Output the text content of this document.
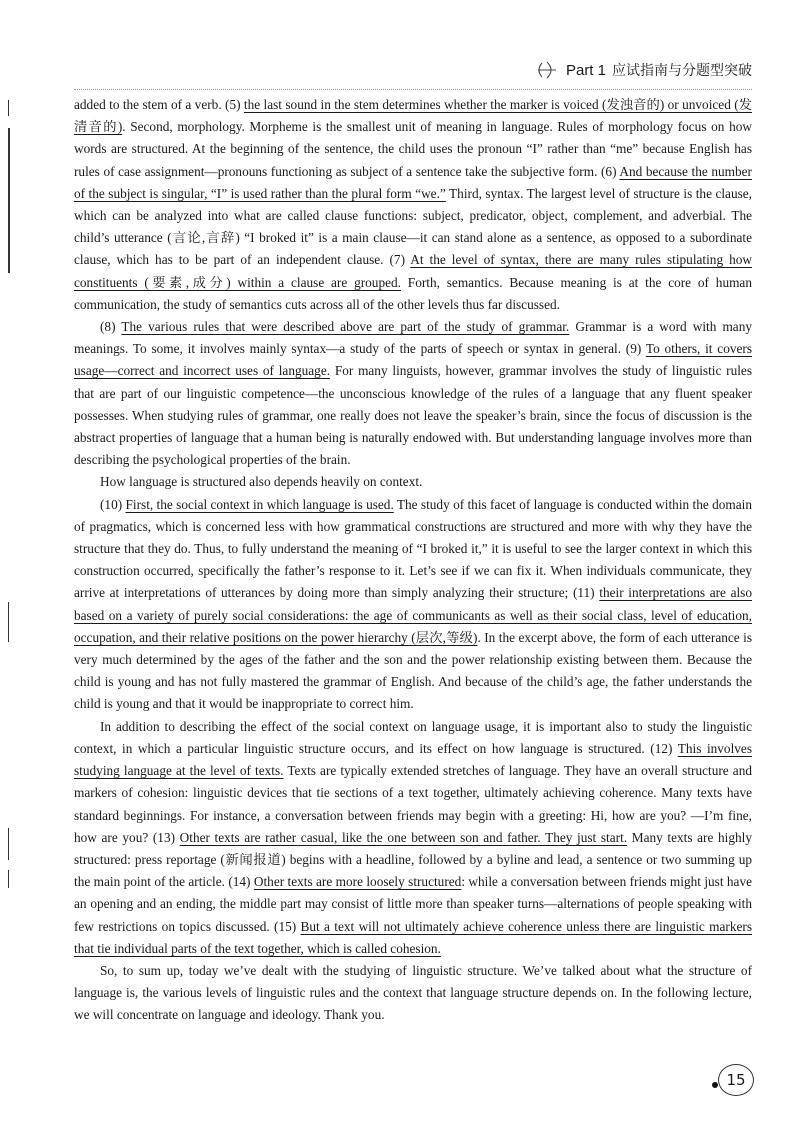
Part 1 应试指南与分题型突破

added to the stem of a verb. (5) the last sound in the stem determines whether the marker is voiced (发浊音的) or unvoiced (发清音的). Second, morphology. Morpheme is the smallest unit of meaning in language. Rules of morphology focus on how words are structured. At the beginning of the sentence, the child uses the pronoun “I” rather than “me” because English has rules of case assignment—pronouns functioning as subject of a sentence take the subjective form. (6) And because the number of the subject is singular, “I” is used rather than the plural form “we.” Third, syntax. The largest level of structure is the clause, which can be analyzed into what are called clause functions: subject, predicator, object, complement, and adverbial. The child’s utterance (言论,言辞) “I broked it” is a main clause—it can stand alone as a sentence, as opposed to a subordinate clause, which has to be part of an independent clause. (7) At the level of syntax, there are many rules stipulating how constituents (要素,成分) within a clause are grouped. Forth, semantics. Because meaning is at the core of human communication, the study of semantics cuts across all of the other levels thus far discussed.

(8) The various rules that were described above are part of the study of grammar. Grammar is a word with many meanings. To some, it involves mainly syntax—a study of the parts of speech or syntax in general. (9) To others, it covers usage—correct and incorrect uses of language. For many linguists, however, grammar involves the study of linguistic rules that are part of our linguistic competence—the unconscious knowledge of the rules of a language that any fluent speaker possesses. When studying rules of grammar, one really does not leave the speaker’s brain, since the focus of discussion is the abstract properties of language that a human being is naturally endowed with. But understanding language involves more than describing the psychological properties of the brain.

How language is structured also depends heavily on context.

(10) First, the social context in which language is used. The study of this facet of language is conducted within the domain of pragmatics, which is concerned less with how grammatical constructions are structured and more with why they have the structure that they do. Thus, to fully understand the meaning of “I broked it,” it is useful to see the larger context in which this construction occurred, specifically the father’s response to it. Let’s see if we can fix it. When individuals communicate, they arrive at interpretations of utterances by doing more than simply analyzing their structure; (11) their interpretations are also based on a variety of purely social considerations: the age of communicants as well as their social class, level of education, occupation, and their relative positions on the power hierarchy (层次,等级). In the excerpt above, the form of each utterance is very much determined by the ages of the father and the son and the power relationship existing between them. Because the child is young and has not fully mastered the grammar of English. And because of the child’s age, the father understands the child is young and that it would be inappropriate to correct him.

In addition to describing the effect of the social context on language usage, it is important also to study the linguistic context, in which a particular linguistic structure occurs, and its effect on how language is structured. (12) This involves studying language at the level of texts. Texts are typically extended stretches of language. They have an overall structure and markers of cohesion: linguistic devices that tie sections of a text together, ultimately achieving coherence. Many texts have standard beginnings. For instance, a conversation between friends may begin with a greeting: Hi, how are you? —I’m fine, how are you? (13) Other texts are rather casual, like the one between son and father. They just start. Many texts are highly structured: press reportage (新闻报道) begins with a headline, followed by a byline and lead, a sentence or two summing up the main point of the article. (14) Other texts are more loosely structured: while a conversation between friends might just have an opening and an ending, the middle part may consist of little more than speaker turns—alternations of people speaking with few restrictions on topics discussed. (15) But a text will not ultimately achieve coherence unless there are linguistic markers that tie individual parts of the text together, which is called cohesion.

So, to sum up, today we’ve dealt with the studying of linguistic structure. We’ve talked about what the structure of language is, the various levels of linguistic rules and the context that language structure depends on. In the following lecture, we will concentrate on language and ideology. Thank you.

15
